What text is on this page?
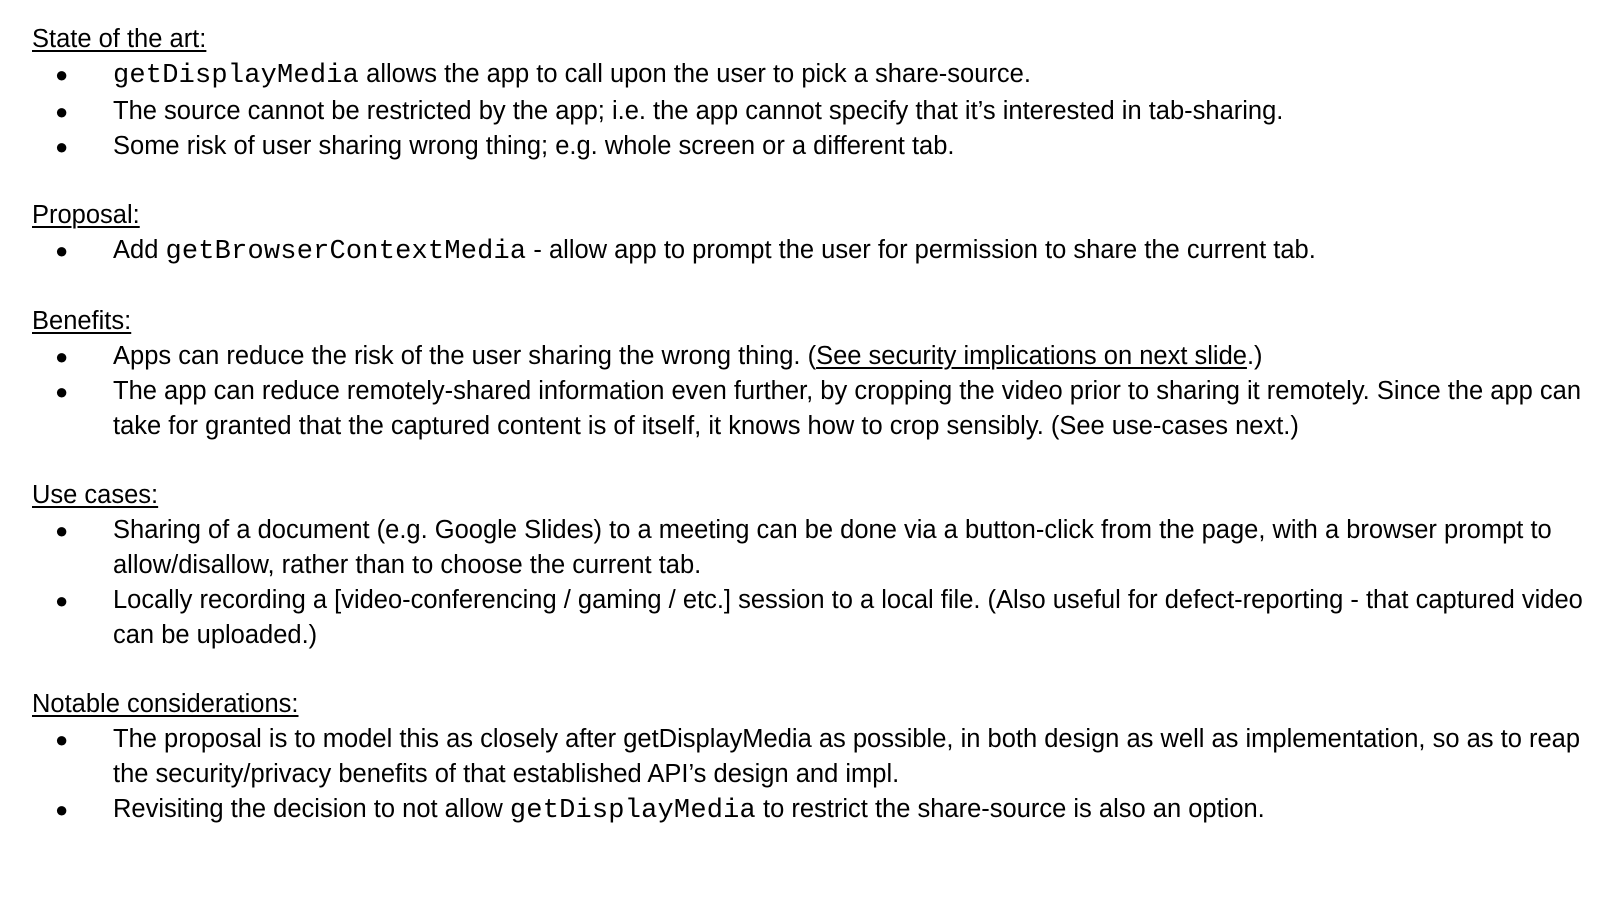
State of the art:
● getDisplayMedia allows the app to call upon the user to pick a share-source.
● The source cannot be restricted by the app; i.e. the app cannot specify that it’s interested in tab-sharing.
● Some risk of user sharing wrong thing; e.g. whole screen or a different tab.
Proposal:
● Add getBrowserContextMedia - allow app to prompt the user for permission to share the current tab.
Benefits:
● Apps can reduce the risk of the user sharing the wrong thing. (See security implications on next slide.)
● The app can reduce remotely-shared information even further, by cropping the video prior to sharing it remotely. Since the app can take for granted that the captured content is of itself, it knows how to crop sensibly. (See use-cases next.)
Use cases:
● Sharing of a document (e.g. Google Slides) to a meeting can be done via a button-click from the page, with a browser prompt to allow/disallow, rather than to choose the current tab.
● Locally recording a [video-conferencing / gaming / etc.] session to a local file. (Also useful for defect-reporting - that captured video can be uploaded.)
Notable considerations:
● The proposal is to model this as closely after getDisplayMedia as possible, in both design as well as implementation, so as to reap the security/privacy benefits of that established API’s design and impl.
● Revisiting the decision to not allow getDisplayMedia to restrict the share-source is also an option.
